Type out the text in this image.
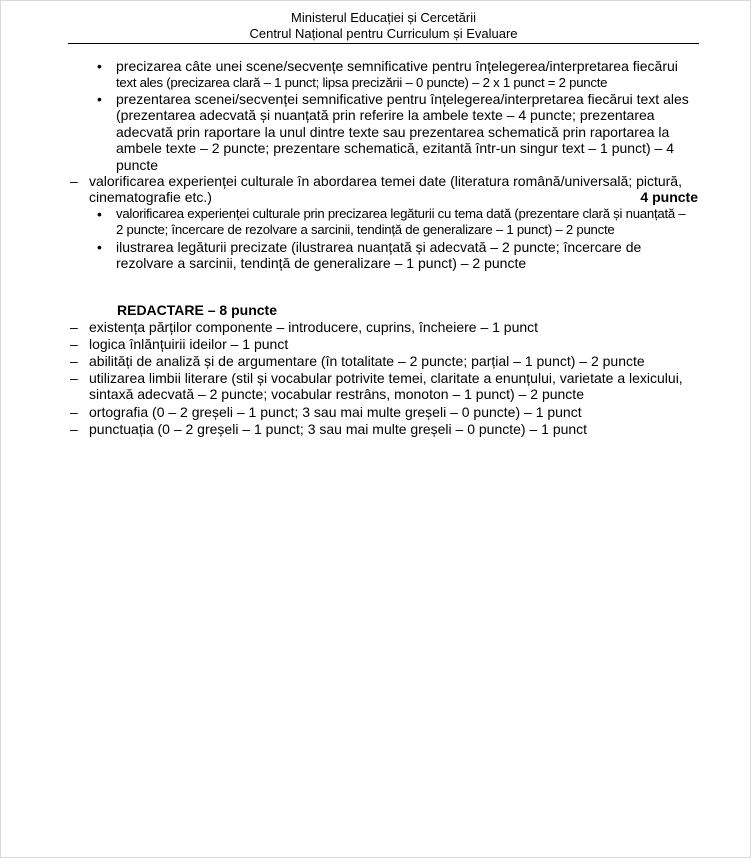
Ministerul Educației și Cercetării
Centrul Național pentru Curriculum și Evaluare
• precizarea câte unei scene/secvențe semnificative pentru înțelegerea/interpretarea fiecărui
text ales (precizarea clară – 1 punct; lipsa precizării – 0 puncte) – 2 x 1 punct = 2 puncte
• prezentarea scenei/secvenței semnificative pentru înțelegerea/interpretarea fiecărui text ales
(prezentarea adecvată și nuanțată prin referire la ambele texte – 4 puncte; prezentarea
adecvată prin raportare la unul dintre texte sau prezentarea schematică prin raportarea la
ambele texte – 2 puncte; prezentare schematică, ezitantă într-un singur text – 1 punct) – 4
puncte
– valorificarea experienței culturale în abordarea temei date (literatura română/universală; pictură,
cinematografie etc.)	4 puncte
• valorificarea experienței culturale prin precizarea legăturii cu tema dată (prezentare clară și nuanțată –
2 puncte; încercare de rezolvare a sarcinii, tendință de generalizare – 1 punct) – 2 puncte
• ilustrarea legăturii precizate (ilustrarea nuanțată și adecvată – 2 puncte; încercare de
rezolvare a sarcinii, tendință de generalizare – 1 punct) – 2 puncte
REDACTARE – 8 puncte
– existența părților componente – introducere, cuprins, încheiere – 1 punct
– logica înlănțuirii ideilor – 1 punct
– abilități de analiză și de argumentare (în totalitate – 2 puncte; parțial – 1 punct) – 2 puncte
– utilizarea limbii literare (stil și vocabular potrivite temei, claritate a enunțului, varietate a lexicului,
sintaxă adecvată – 2 puncte; vocabular restrâns, monoton – 1 punct) – 2 puncte
– ortografia (0 – 2 greșeli – 1 punct; 3 sau mai multe greșeli – 0 puncte) – 1 punct
– punctuația (0 – 2 greșeli – 1 punct; 3 sau mai multe greșeli – 0 puncte) – 1 punct
